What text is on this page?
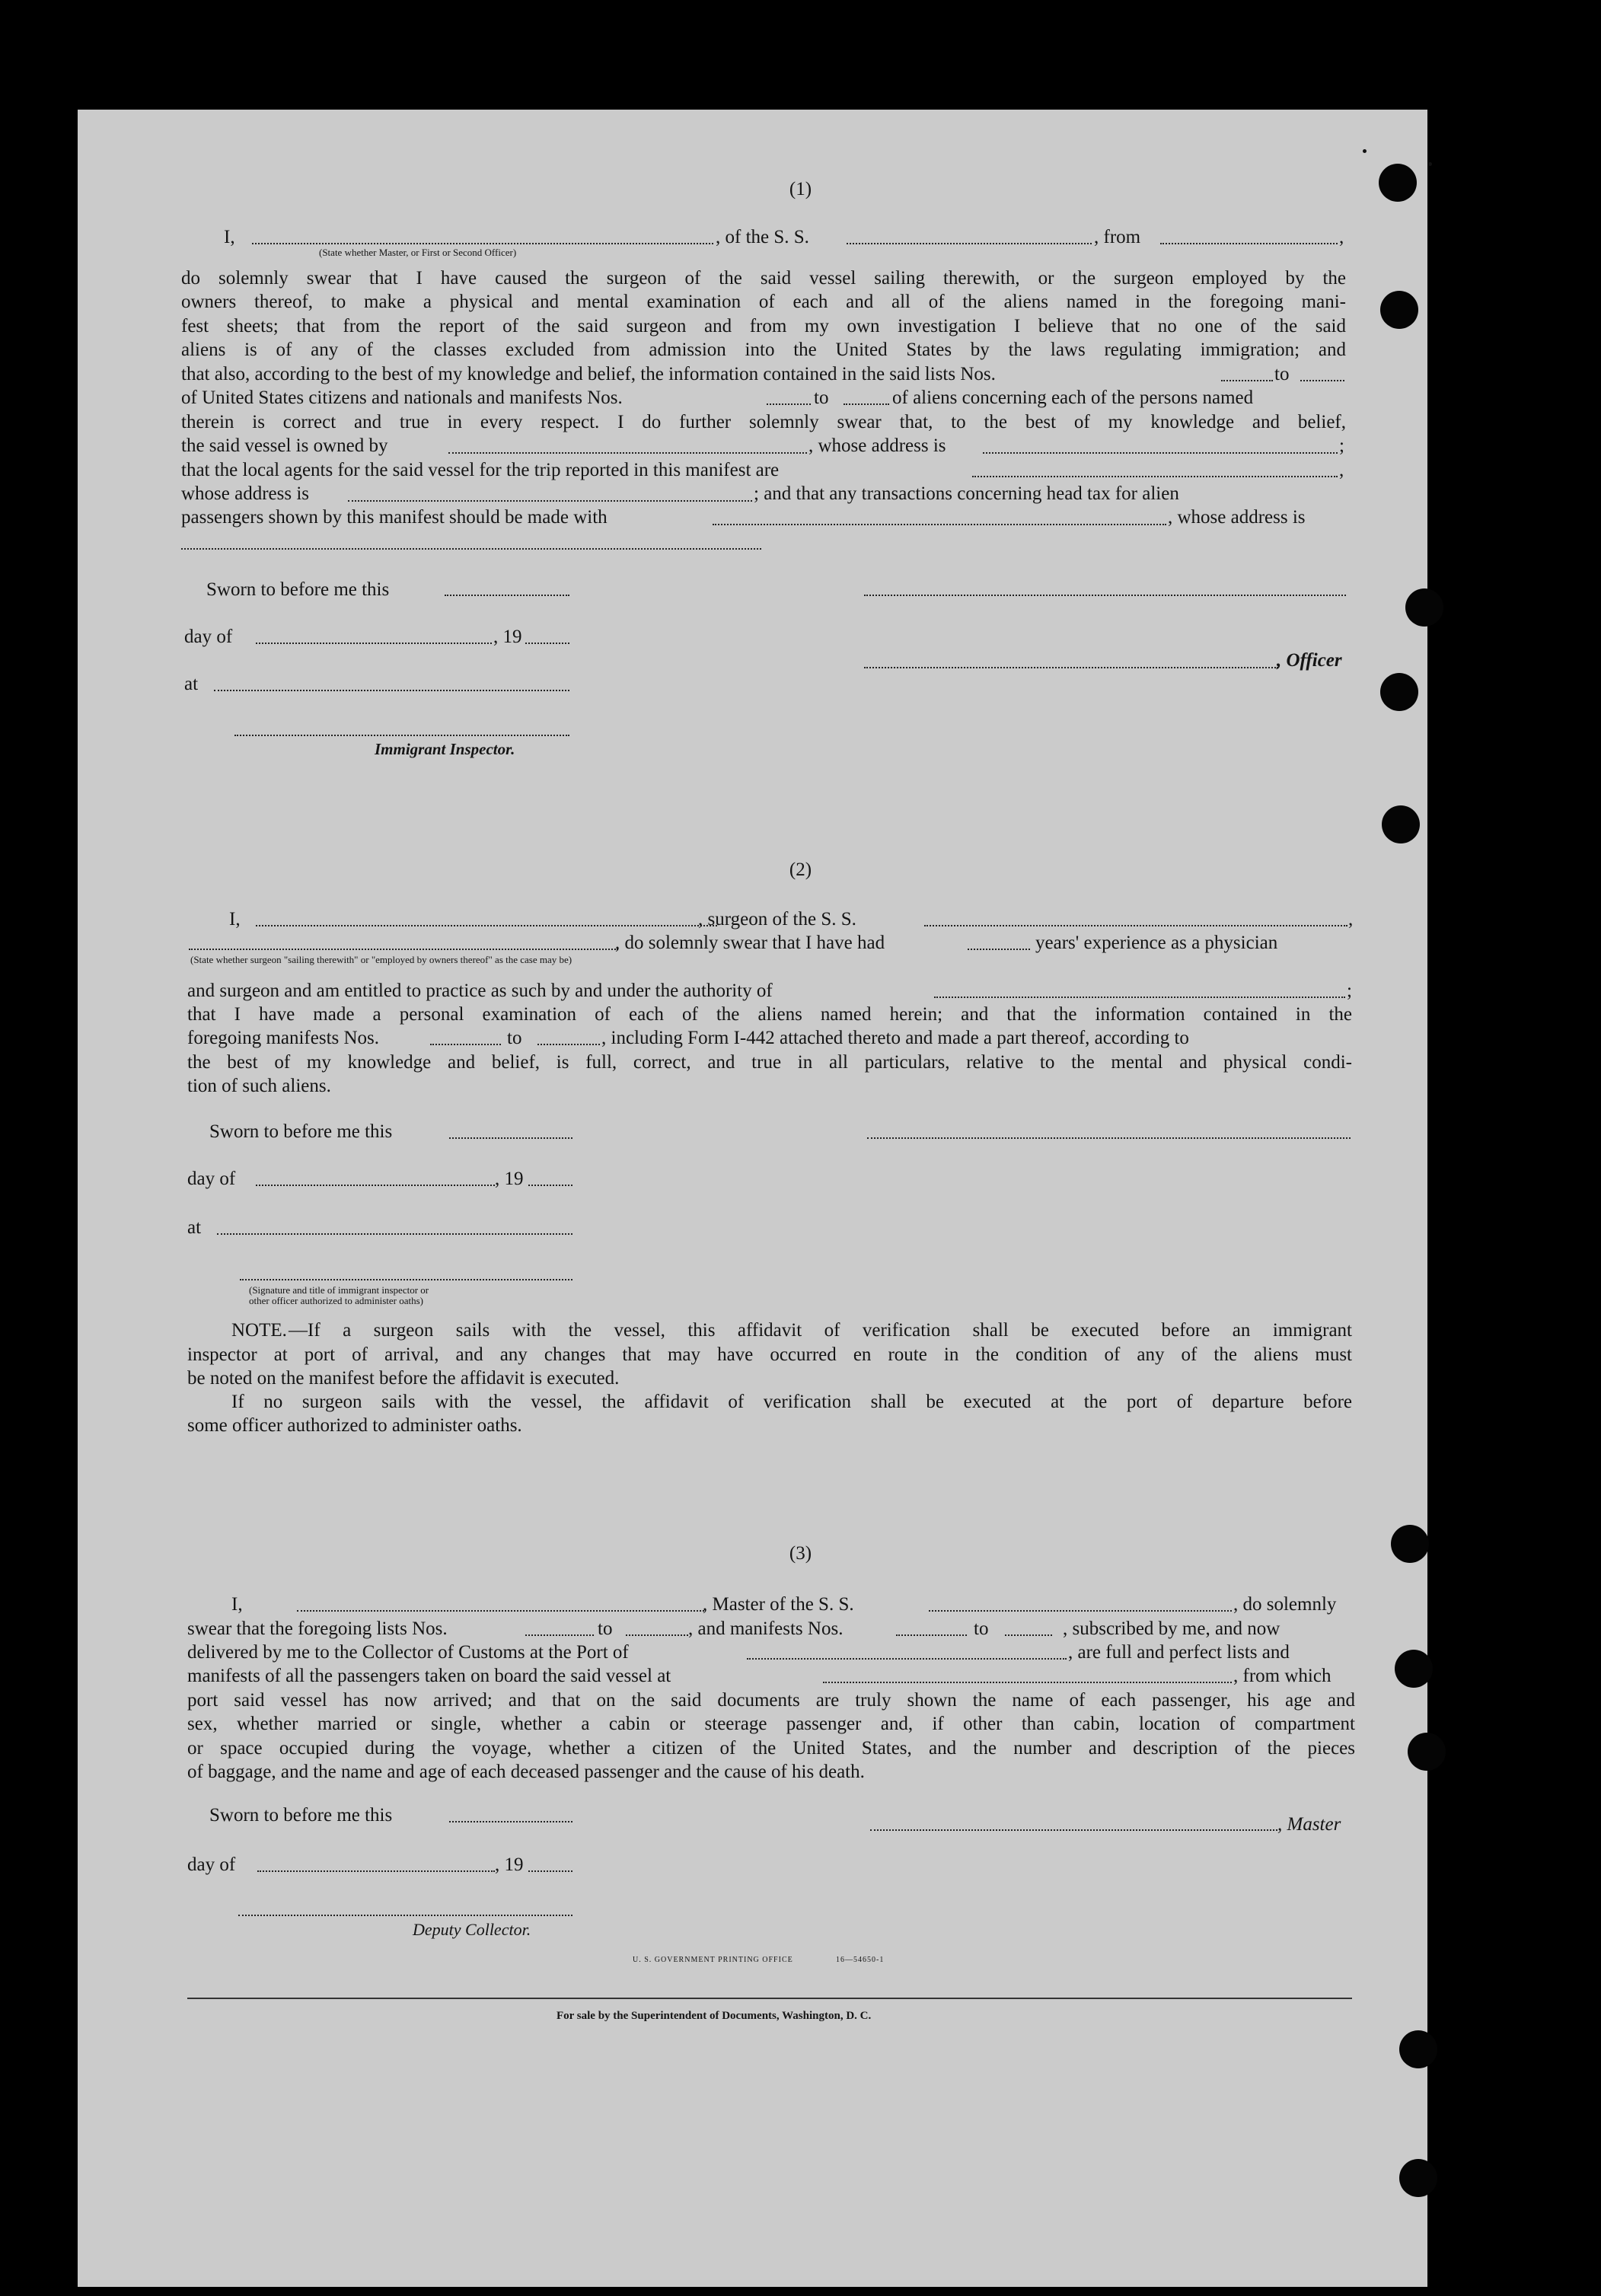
(1)
I,
(State whether Master, or First or Second Officer)
, of the S. S.	, from	,
do solemnly swear that I have caused the surgeon of the said vessel sailing therewith, or the surgeon employed by the
owners thereof, to make a physical and mental examination of each and all of the aliens named in the foregoing mani-
fest sheets; that from the report of the said surgeon and from my own investigation I believe that no one of the said
aliens is of any of the classes excluded from admission into the United States by the laws regulating immigration; and
that also, according to the best of my knowledge and belief, the information contained in the said lists Nos.	to
of United States citizens and nationals and manifests Nos.	to	of aliens concerning each of the persons named
therein is correct and true in every respect. I do further solemnly swear that, to the best of my knowledge and belief,
the said vessel is owned by	, whose address is	;
that the local agents for the said vessel for the trip reported in this manifest are	,
whose address is	; and that any transactions concerning head tax for alien
passengers shown by this manifest should be made with	, whose address is
Sworn to before me this
day of	, 19
, Officer
at
Immigrant Inspector.
(2)
I,	, surgeon of the S. S.	,
, do solemnly swear that I have had	years' experience as a physician
(State whether surgeon "sailing therewith" or "employed by owners thereof" as the case may be)
and surgeon and am entitled to practice as such by and under the authority of	;
that I have made a personal examination of each of the aliens named herein; and that the information contained in the
foregoing manifests Nos.	to	, including Form I-442 attached thereto and made a part thereof, according to
the best of my knowledge and belief, is full, correct, and true in all particulars, relative to the mental and physical condi-
tion of such aliens.
Sworn to before me this
day of	, 19
at
(Signature and title of immigrant inspector or
other officer authorized to administer oaths)
NOTE. —If a surgeon sails with the vessel, this affidavit of verification shall be executed before an immigrant
inspector at port of arrival, and any changes that may have occurred en route in the condition of any of the aliens must
be noted on the manifest before the affidavit is executed.
If no surgeon sails with the vessel, the affidavit of verification shall be executed at the port of departure before
some officer authorized to administer oaths.
(3)
I,	, Master of the S. S.	, do solemnly
swear that the foregoing lists Nos.	to	, and manifests Nos.	to	, subscribed by me, and now
delivered by me to the Collector of Customs at the Port of	, are full and perfect lists and
manifests of all the passengers taken on board the said vessel at	, from which
port said vessel has now arrived; and that on the said documents are truly shown the name of each passenger, his age and
sex, whether married or single, whether a cabin or steerage passenger and, if other than cabin, location of compartment
or space occupied during the voyage, whether a citizen of the United States, and the number and description of the pieces
of baggage, and the name and age of each deceased passenger and the cause of his death.
Sworn to before me this	, Master
day of	, 19
Deputy Collector.
U. S. GOVERNMENT PRINTING OFFICE	16—54650-1
For sale by the Superintendent of Documents, Washington, D. C.
